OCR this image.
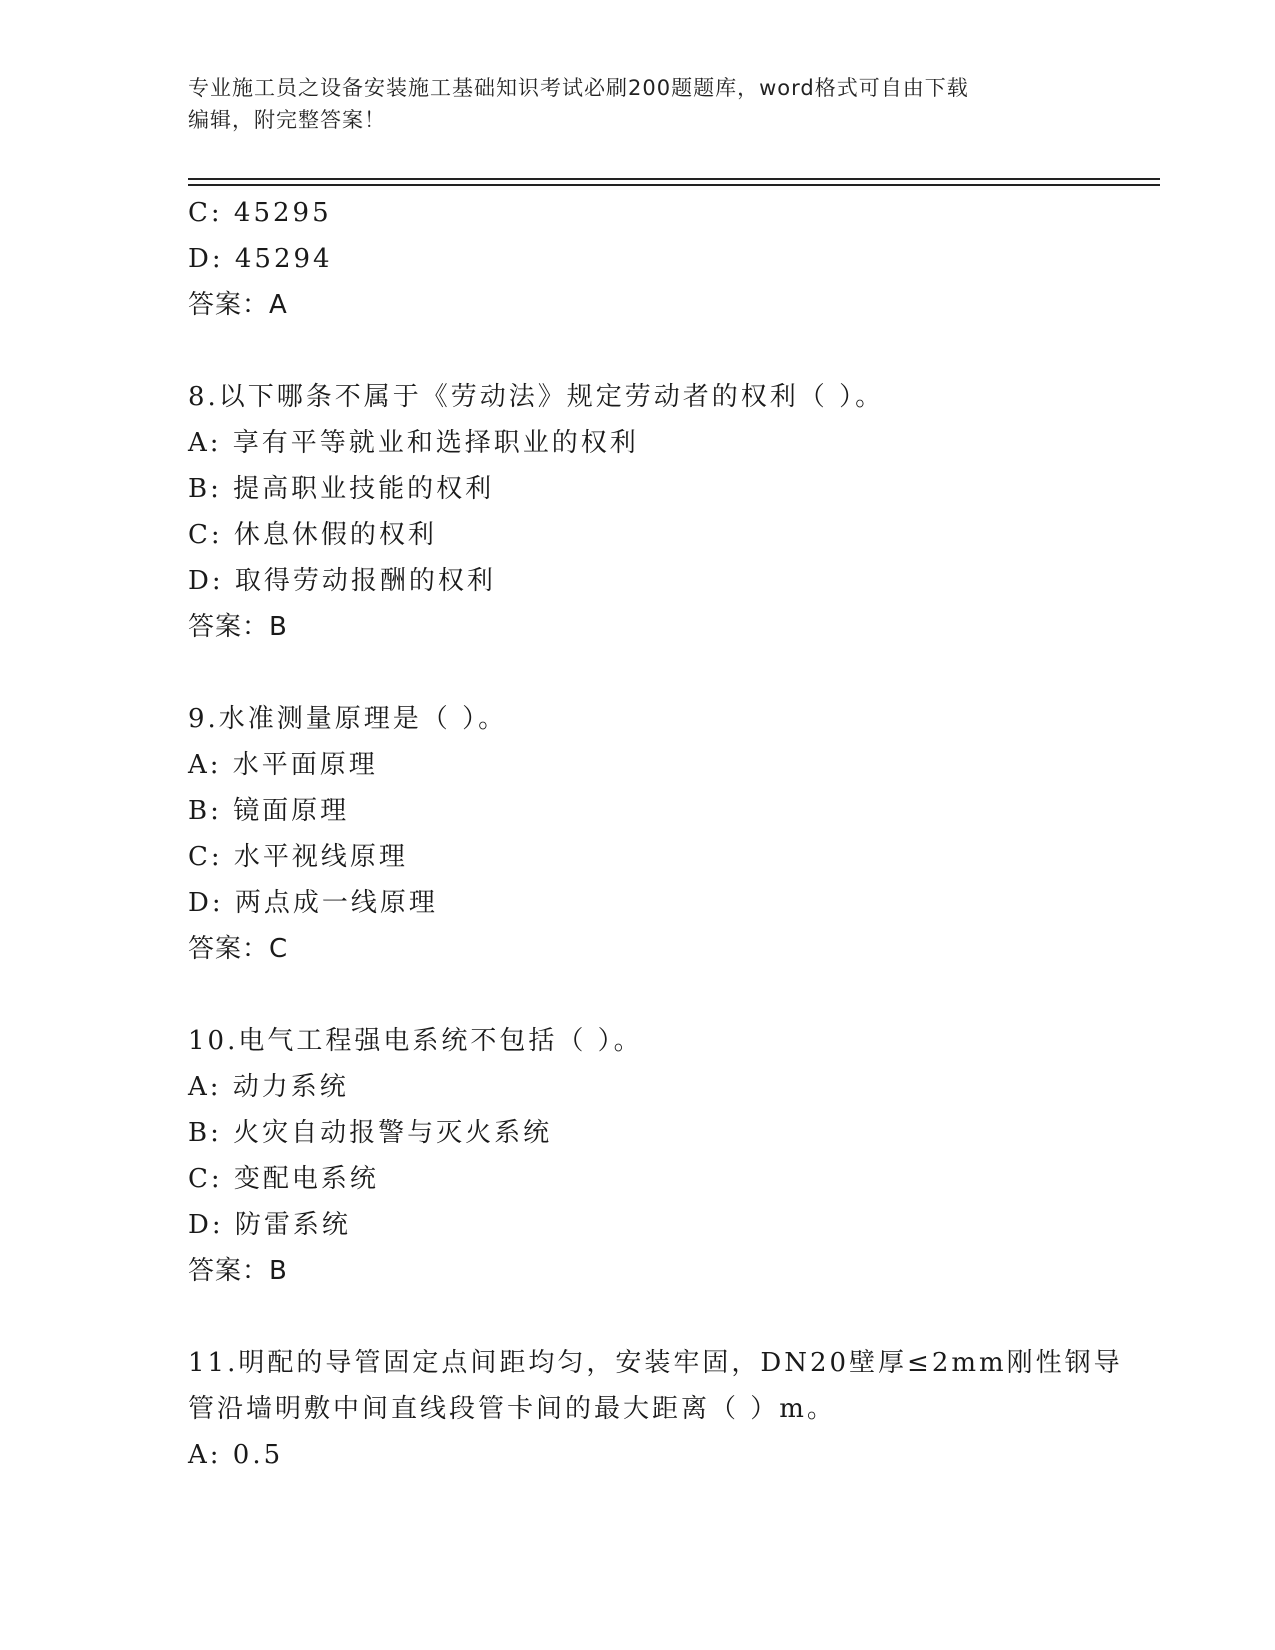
专业施工员之设备安装施工基础知识考试必刷200题题库，word格式可自由下载
编辑，附完整答案！
C: 45295
D: 45294
答案：A
8.以下哪条不属于《劳动法》规定劳动者的权利（ ）。
A: 享有平等就业和选择职业的权利
B: 提高职业技能的权利
C: 休息休假的权利
D: 取得劳动报酬的权利
答案：B
9.水准测量原理是（ ）。
A: 水平面原理
B: 镜面原理
C: 水平视线原理
D: 两点成一线原理
答案：C
10.电气工程强电系统不包括（ ）。
A: 动力系统
B: 火灾自动报警与灭火系统
C: 变配电系统
D: 防雷系统
答案：B
11.明配的导管固定点间距均匀，安装牢固，DN20壁厚≤2mm刚性钢导
管沿墙明敷中间直线段管卡间的最大距离（ ）m。
A: 0.5
